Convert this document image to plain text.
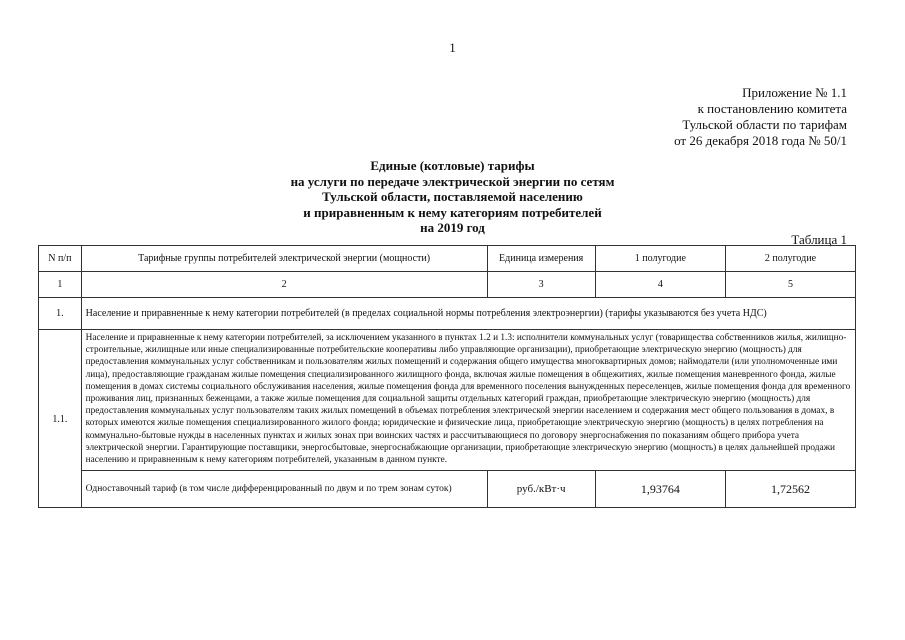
1
Приложение № 1.1
к постановлению комитета
Тульской области по тарифам
от 26 декабря 2018 года № 50/1
Единые (котловые) тарифы
на услуги по передаче электрической энергии по сетям
Тульской области, поставляемой населению
и приравненным к нему категориям потребителей
на 2019 год
Таблица 1
N п/п	Тарифные группы потребителей электрической энергии (мощности)	Единица измерения	1 полугодие	2 полугодие
1	2	3	4	5
1.	Население и приравненные к нему категории потребителей (в пределах социальной нормы потребления электроэнергии) (тарифы указываются без учета НДС)			
1.1.	Население и приравненные к нему категории потребителей, за исключением указанного в пунктах 1.2 и 1.3: исполнители коммунальных услуг (товарищества собственников жилья, жилищно-строительные, жилищные или иные специализированные потребительские кооперативы либо управляющие организации), приобретающие электрическую энергию (мощность) для предоставления коммунальных услуг собственникам и пользователям жилых помещений и содержания общего имущества многоквартирных домов; наймодатели (или уполномоченные ими лица), предоставляющие гражданам жилые помещения специализированного жилищного фонда, включая жилые помещения в общежитиях, жилые помещения маневренного фонда, жилые помещения в домах системы социального обслуживания населения, жилые помещения фонда для временного поселения вынужденных переселенцев, жилые помещения фонда для временного проживания лиц, признанных беженцами, а также жилые помещения для социальной защиты отдельных категорий граждан, приобретающие электрическую энергию (мощность) для предоставления коммунальных услуг пользователям таких жилых помещений в объемах потребления электрической энергии населением и содержания мест общего пользования в домах, в которых имеются жилые помещения специализированного жилого фонда; юридические и физические лица, приобретающие электрическую энергию (мощность) в целях потребления на коммунально-бытовые нужды в населенных пунктах и жилых зонах при воинских частях и рассчитывающиеся по договору энергоснабжения по показаниям общего прибора учета электрической энергии. Гарантирующие поставщики, энергосбытовые, энергоснабжающие организации, приобретающие электрическую энергию (мощность) в целях дальнейшей продажи населению и приравненным к нему категориям потребителей, указанным в данном пункте.			
	Одноставочный тариф (в том числе дифференцированный по двум и по трем зонам суток)	руб./кВт·ч	1,93764	1,72562
